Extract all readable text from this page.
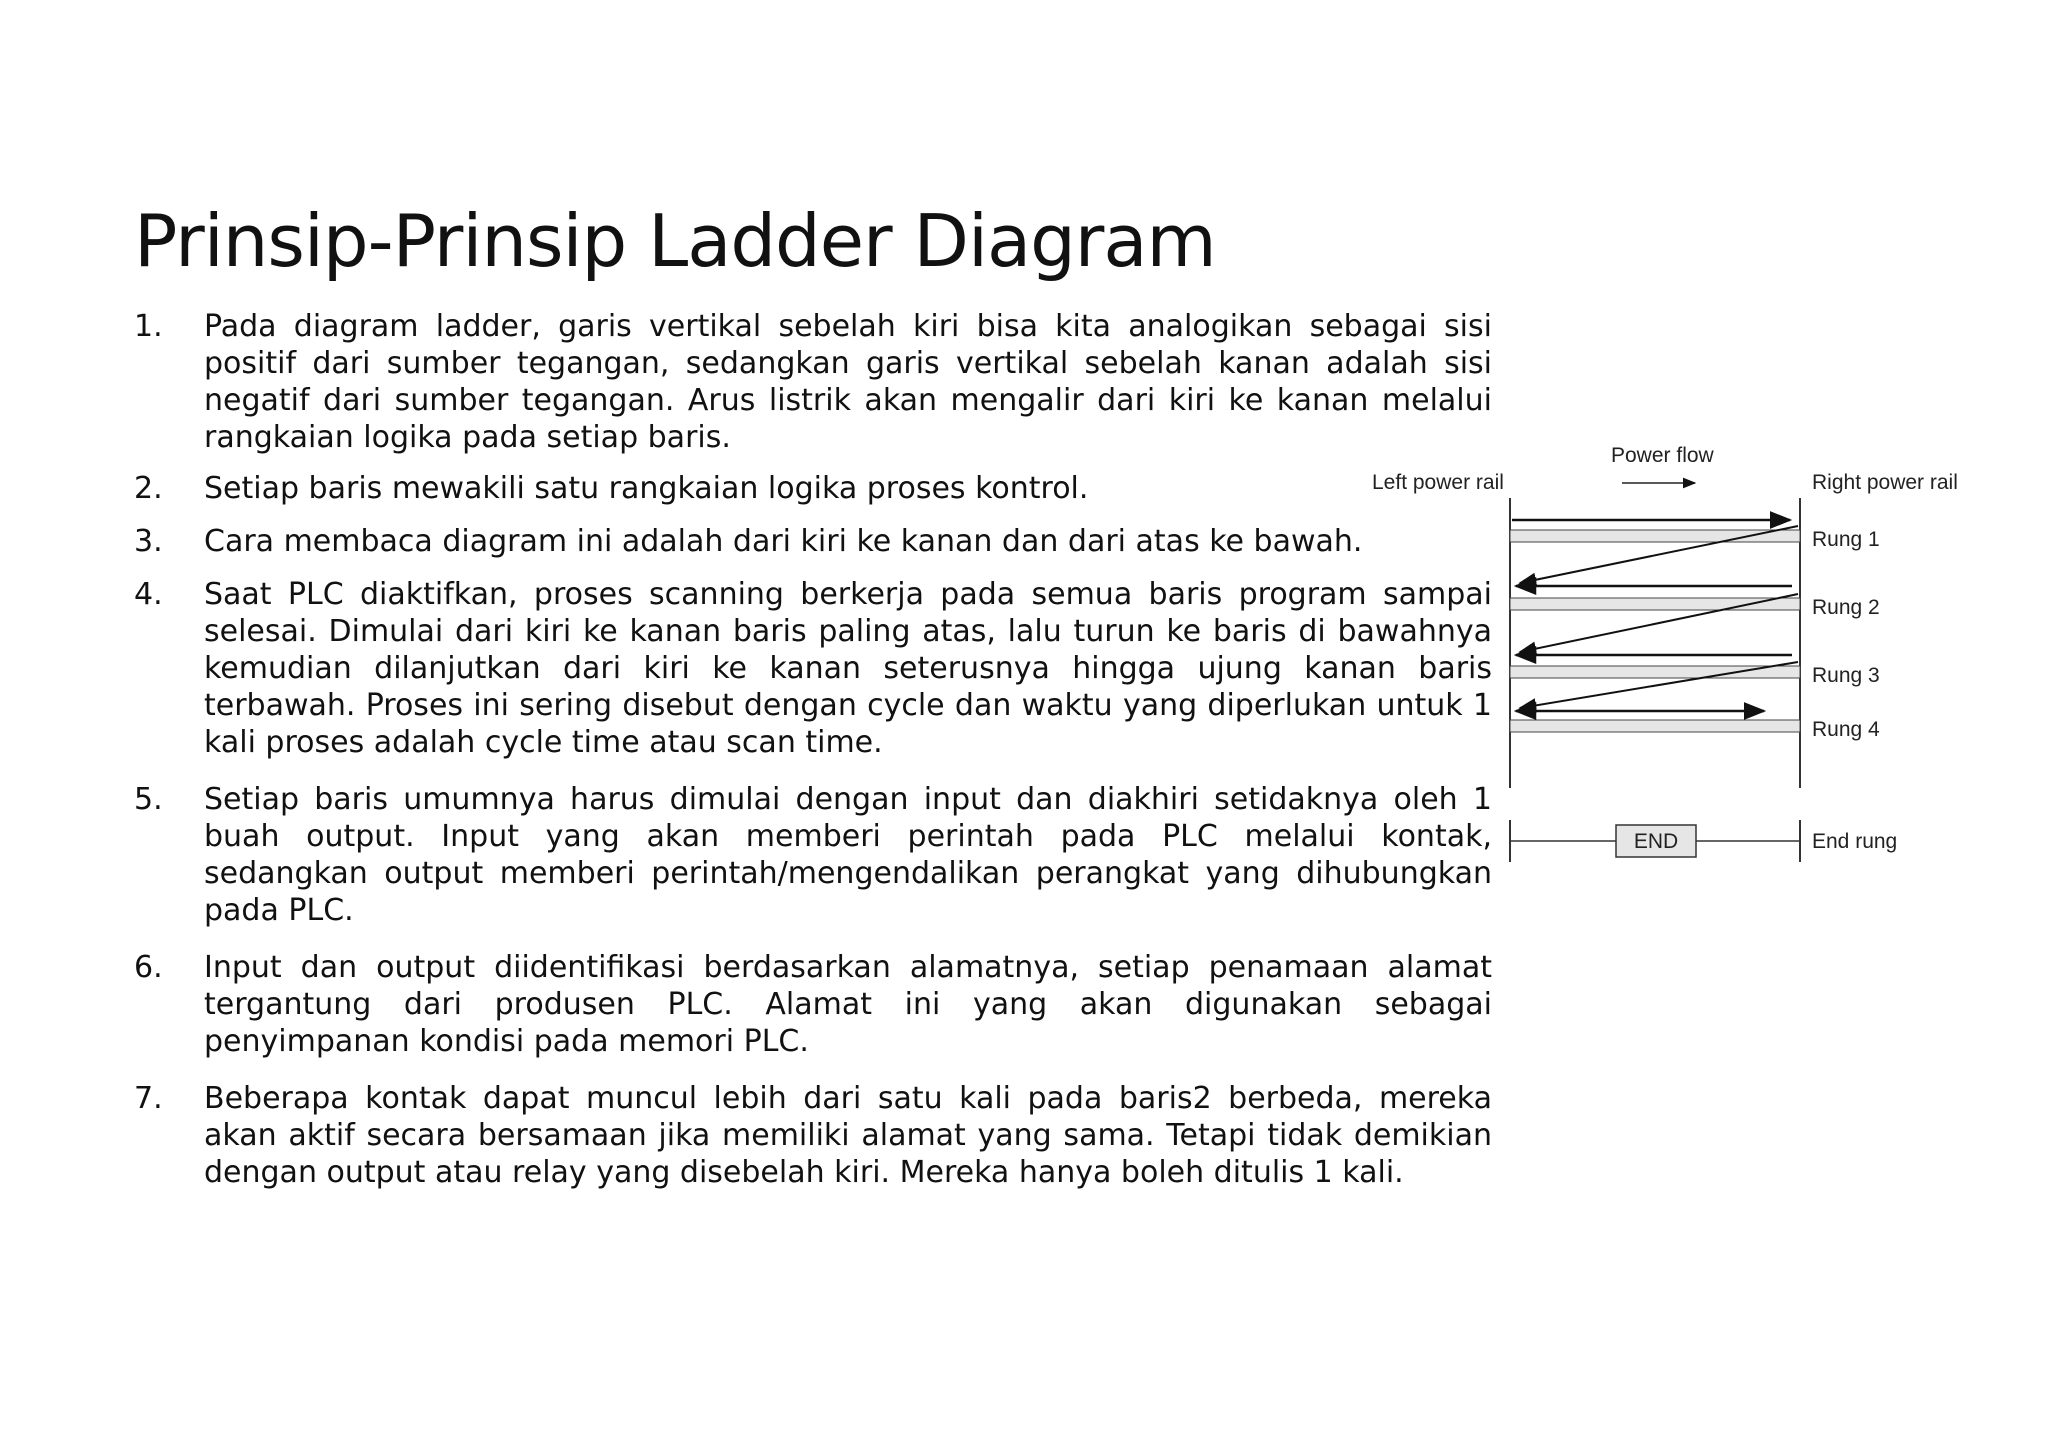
Prinsip-Prinsip Ladder Diagram
1. Pada diagram ladder, garis vertikal sebelah kiri bisa kita analogikan sebagai sisi positif dari sumber tegangan, sedangkan garis vertikal sebelah kanan adalah sisi negatif dari sumber tegangan. Arus listrik akan mengalir dari kiri ke kanan melalui rangkaian logika pada setiap baris.
2. Setiap baris mewakili satu rangkaian logika proses kontrol.
3. Cara membaca diagram ini adalah dari kiri ke kanan dan dari atas ke bawah.
4. Saat PLC diaktifkan, proses scanning berkerja pada semua baris program sampai selesai. Dimulai dari kiri ke kanan baris paling atas, lalu turun ke baris di bawahnya kemudian dilanjutkan dari kiri ke kanan seterusnya hingga ujung kanan baris terbawah. Proses ini sering disebut dengan cycle dan waktu yang diperlukan untuk 1 kali proses adalah cycle time atau scan time.
5. Setiap baris umumnya harus dimulai dengan input dan diakhiri setidaknya oleh 1 buah output. Input yang akan memberi perintah pada PLC melalui kontak, sedangkan output memberi perintah/mengendalikan perangkat yang dihubungkan pada PLC.
6. Input dan output diidentifikasi berdasarkan alamatnya, setiap penamaan alamat tergantung dari produsen PLC. Alamat ini yang akan digunakan sebagai penyimpanan kondisi pada memori PLC.
7. Beberapa kontak dapat muncul lebih dari satu kali pada baris2 berbeda, mereka akan aktif secara bersamaan jika memiliki alamat yang sama. Tetapi tidak demikian dengan output atau relay yang disebelah kiri. Mereka hanya boleh ditulis 1 kali.
Power flow
Left power rail	Right power rail
Rung 1
Rung 2
Rung 3
Rung 4
END	End rung
